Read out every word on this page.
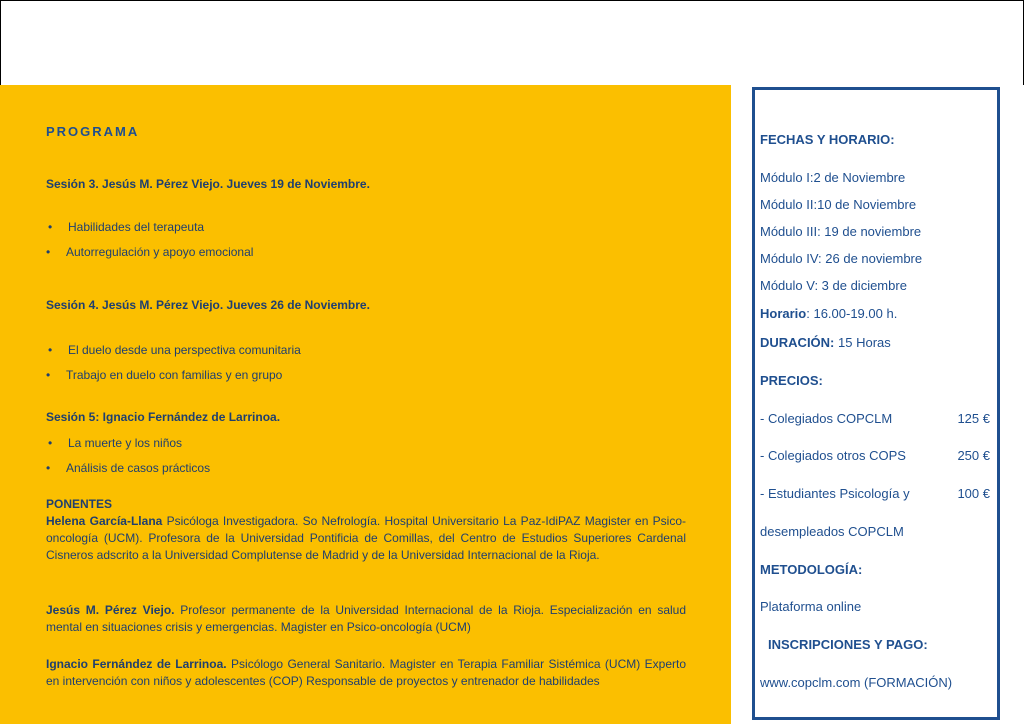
PROGRAMA
Sesión 3. Jesús M. Pérez Viejo. Jueves 19 de Noviembre.
• Habilidades del terapeuta
• Autorregulación y apoyo emocional
Sesión 4. Jesús M. Pérez Viejo. Jueves 26 de Noviembre.
• El duelo desde una perspectiva comunitaria
• Trabajo en duelo con familias y en grupo
Sesión 5: Ignacio Fernández de Larrinoa.
• La muerte y los niños
• Análisis de casos prácticos
PONENTES
Helena García-Llana Psicóloga Investigadora. So Nefrología. Hospital Universitario La Paz-IdiPAZ Magister en Psico-oncología (UCM). Profesora de la Universidad Pontificia de Comillas, del Centro de Estudios Superiores Cardenal Cisneros adscrito a la Universidad Complutense de Madrid y de la Universidad Internacional de la Rioja.
Jesús M. Pérez Viejo. Profesor permanente de la Universidad Internacional de la Rioja. Especialización en salud mental en situaciones crisis y emergencias. Magister en Psico-oncología (UCM)
Ignacio Fernández de Larrinoa. Psicólogo General Sanitario. Magister en Terapia Familiar Sistémica (UCM) Experto en intervención con niños y adolescentes (COP) Responsable de proyectos y entrenador de habilidades
FECHAS Y HORARIO:
Módulo I:2 de Noviembre
Módulo II:10 de Noviembre
Módulo III: 19 de noviembre
Módulo IV: 26 de noviembre
Módulo V: 3 de diciembre
Horario: 16.00-19.00 h.
DURACIÓN: 15 Horas
PRECIOS:
- Colegiados COPCLM	125 €
- Colegiados otros COPS	250 €
- Estudiantes Psicología y	100 €
desempleados COPCLM
METODOLOGÍA:
Plataforma online
INSCRIPCIONES Y PAGO:
www.copclm.com (FORMACIÓN)
